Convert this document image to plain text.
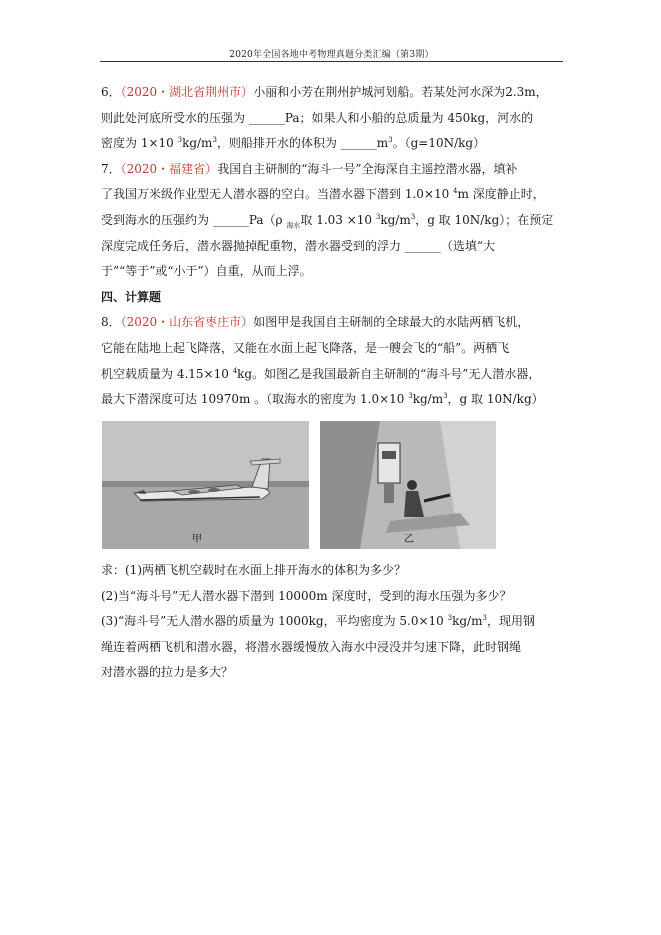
2020年全国各地中考物理真题分类汇编（第3期）
6．（2020・湖北省荆州市）小丽和小芳在荆州护城河划船。若某处河水深为2.3m，
则此处河底所受水的压强为 ______Pa；如果人和小船的总质量为 450kg，河水的
密度为 1×10 $^3kg/m^3$，则船排开水的体积为 $\_\_\_\_\_\_m^3$。（g=10N/kg）
7．（2020・福建省）我国自主研制的“海斗一号”全海深自主遥控潜水器，填补
了我国万米级作业型无人潜水器的空白。当潜水器下潜到 1.0×10 $^4$m 深度静止时，
受到海水的压强约为 ______Pa（ρ $_{海水}$取 1.03 ×10 $^3kg/m^3$，g 取 10N/kg）；在预定
深度完成任务后，潜水器抛掉配重物，潜水器受到的浮力 ______（选填“大
于”“等于”或“小于”）自重，从而上浮。
四、计算题
8．（2020・山东省枣庄市）如图甲是我国自主研制的全球最大的水陆两栖飞机，
它能在陆地上起飞降落，又能在水面上起飞降落，是一艘会飞的“船”。两栖飞
机空载质量为 4.15×10 $^4$kg。如图乙是我国最新自主研制的“海斗号”无人潜水器，
最大下潜深度可达 10970m 。（取海水的密度为 1.0×10 $^3kg/m^3$，g 取 10N/kg）
甲	乙
求：(1)两栖飞机空载时在水面上排开海水的体积为多少？
(2)当“海斗号”无人潜水器下潜到 10000m 深度时，受到的海水压强为多少？
(3)“海斗号”无人潜水器的质量为 1000kg，平均密度为 5.0×10 $^3kg/m^3$，现用钢
绳连着两栖飞机和潜水器，将潜水器缓慢放入海水中浸没并匀速下降，此时钢绳
对潜水器的拉力是多大？
